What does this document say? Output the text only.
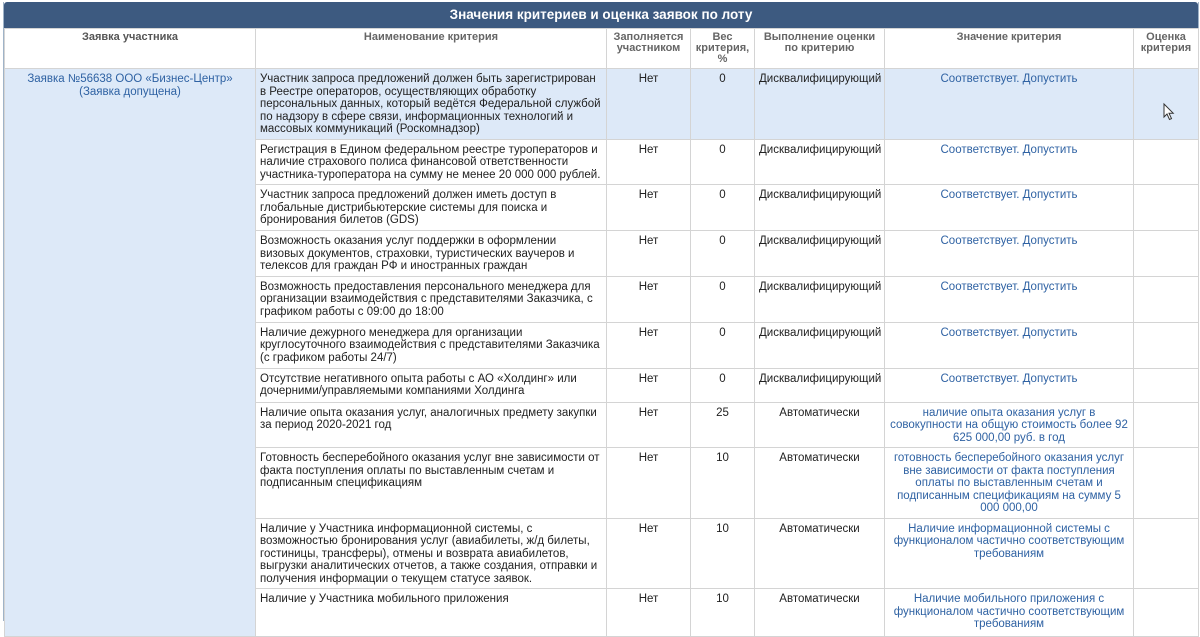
Значения критериев и оценка заявок по лоту
Заявка участника	Наименование критерия	Заполняется участником	Вес критерия, %	Выполнение оценки по критерию	Значение критерия	Оценка критерия
Заявка №56638 ООО «Бизнес-Центр» (Заявка допущена)	Участник запроса предложений должен быть зарегистрирован в Реестре операторов, осуществляющих обработку персональных данных, который ведётся Федеральной службой по надзору в сфере связи, информационных технологий и массовых коммуникаций (Роскомнадзор)	Нет	0	Дисквалифицирующий	Соответствует. Допустить	
	Регистрация в Едином федеральном реестре туроператоров и наличие страхового полиса финансовой ответственности участника-туроператора на сумму не менее 20 000 000 рублей.	Нет	0	Дисквалифицирующий	Соответствует. Допустить	
	Участник запроса предложений должен иметь доступ в глобальные дистрибьютерские системы для поиска и бронирования билетов (GDS)	Нет	0	Дисквалифицирующий	Соответствует. Допустить	
	Возможность оказания услуг поддержки в оформлении визовых документов, страховки, туристических ваучеров и телексов для граждан РФ и иностранных граждан	Нет	0	Дисквалифицирующий	Соответствует. Допустить	
	Возможность предоставления персонального менеджера для организации взаимодействия с представителями Заказчика, с графиком работы с 09:00 до 18:00	Нет	0	Дисквалифицирующий	Соответствует. Допустить	
	Наличие дежурного менеджера для организации круглосуточного взаимодействия с представителями Заказчика (с графиком работы 24/7)	Нет	0	Дисквалифицирующий	Соответствует. Допустить	
	Отсутствие негативного опыта работы с АО «Холдинг» или дочерними/управляемыми компаниями Холдинга	Нет	0	Дисквалифицирующий	Соответствует. Допустить	
	Наличие опыта оказания услуг, аналогичных предмету закупки за период 2020-2021 год	Нет	25	Автоматически	наличие опыта оказания услуг в совокупности на общую стоимость более 92 625 000,00 руб. в год	
	Готовность бесперебойного оказания услуг вне зависимости от факта поступления оплаты по выставленным счетам и подписанным спецификациям	Нет	10	Автоматически	готовность бесперебойного оказания услуг вне зависимости от факта поступления оплаты по выставленным счетам и подписанным спецификациям на сумму 5 000 000,00	
	Наличие у Участника информационной системы, с возможностью бронирования услуг (авиабилеты, ж/д билеты, гостиницы, трансферы), отмены и возврата авиабилетов, выгрузки аналитических отчетов, а также создания, отправки и получения информации о текущем статусе заявок.	Нет	10	Автоматически	Наличие информационной системы с функционалом частично соответствующим требованиям	
	Наличие у Участника мобильного приложения	Нет	10	Автоматически	Наличие мобильного приложения с функционалом частично соответствующим требованиям	
